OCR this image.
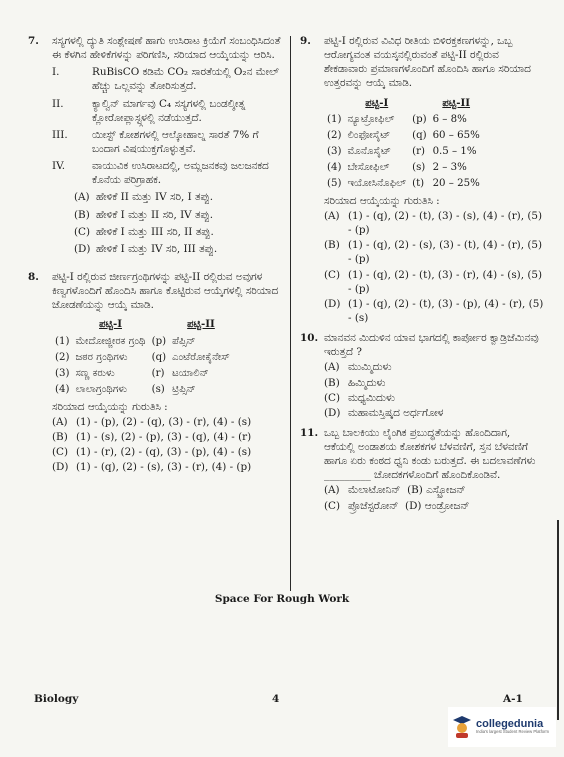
7. ಸಸ್ಯಗಳಲ್ಲಿ ದ್ಯುತಿ ಸಂಶ್ಲೇಷಣೆ ಹಾಗು ಉಸಿರಾಟ ಕ್ರಿಯೆಗೆ ಸಂಬಂಧಿಸಿದಂತೆ ಈ ಕೆಳಗಿನ ಹೇಳಿಕೆಗಳನ್ನು ಪರಿಗಣಿಸಿ, ಸರಿಯಾದ ಆಯ್ಕೆಯನ್ನು ಆರಿಸಿ.

I.	RuBisCO ಕಡಿಮೆ CO₂ ಸಾರತೆಯಲ್ಲಿ O₂ನ ಮೇಲ್ ಹೆಚ್ಚು ಒಲ್ಲವನ್ನು ತೋರಿಸುತ್ತದೆ.
II.	ಕ್ಯಾಲ್ವಿನ್ ಮಾರ್ಗವು C₄ ಸಸ್ಯಗಳಲ್ಲಿ ಬಂಡಲ್ಶೀತ್ನ ಕ್ಲೋರೋಪ್ಲಾಸ್ಟ್ಗಳಲ್ಲಿ ನಡೆಯುತ್ತದೆ.
III. ಯೀಸ್ಟ್ ಕೋಶಗಳಲ್ಲಿ ಆಲ್ಕೋಹಾಲ್ನ ಸಾರತೆ 7% ಗೆ ಬಂದಾಗ ವಿಷಯುಕ್ತಗೊಳ್ಳುತ್ತವೆ.
IV.	ವಾಯುವಿಕ ಉಸಿರಾಟದಲ್ಲಿ, ಅಮ್ಲಜನಕವು ಜಲಜನಕದ ಕೊನೆಯ ಪರಿಗ್ರಾಹಕ.
(A) ಹೇಳಿಕೆ II ಮತ್ತು IV ಸರಿ, I ತಪ್ಪು.
(B) ಹೇಳಿಕೆ I ಮತ್ತು II ಸರಿ, IV ತಪ್ಪು.
(C) ಹೇಳಿಕೆ I ಮತ್ತು III ಸರಿ, II ತಪ್ಪು.
(D) ಹೇಳಿಕೆ I ಮತ್ತು IV ಸರಿ, III ತಪ್ಪು.
8. ಪಟ್ಟಿ-I ರಲ್ಲಿರುವ ಜೀರ್ಣಗ್ರಂಥಿಗಳನ್ನು ಪಟ್ಟಿ-II ರಲ್ಲಿರುವ ಅವುಗಳ ಕಿಣ್ವಗಳೊಂದಿಗೆ ಹೊಂದಿಸಿ ಹಾಗೂ ಕೊಟ್ಟಿರುವ ಆಯ್ಕೆಗಳಲ್ಲಿ ಸರಿಯಾದ ಜೋಡಣೆಯನ್ನು ಆಯ್ಕೆ ಮಾಡಿ.

	ಪಟ್ಟಿ-I		ಪಟ್ಟಿ-II
(1)	ಮೇದೋಜ್ಜೀರಕ ಗ್ರಂಥಿ	(p)	ಪೆಪ್ಸಿನ್
(2)	ಜಠರ ಗ್ರಂಥಿಗಳು	(q)	ಎಂಟೆರೋಕೈನೇಸ್
(3)	ಸಣ್ಣ ಕರುಳು	(r)	ಟಯಾಲಿನ್
(4)	ಲಾಲಾಗ್ರಂಥಿಗಳು	(s)	ಟ್ರಿಪ್ಸಿನ್

ಸರಿಯಾದ ಆಯ್ಕೆಯನ್ನು ಗುರುತಿಸಿ :

(A) (1) - (p), (2) - (q), (3) - (r), (4) - (s)
(B) (1) - (s), (2) - (p), (3) - (q), (4) - (r)
(C) (1) - (r), (2) - (q), (3) - (p), (4) - (s)
(D) (1) - (q), (2) - (s), (3) - (r), (4) - (p)
9. ಪಟ್ಟಿ-I ರಲ್ಲಿರುವ ವಿವಿಧ ರೀತಿಯ ಬಿಳಿರಕ್ತಕಣಗಳನ್ನು, ಒಬ್ಬ ಆರೋಗ್ಯವಂತ ವಯಸ್ಕನಲ್ಲಿರುವಂತೆ ಪಟ್ಟಿ-II ರಲ್ಲಿರುವ ಶೇಕಡಾವಾರು ಪ್ರಮಾಣಗಳೊಂದಿಗೆ ಹೊಂದಿಸಿ ಹಾಗೂ ಸರಿಯಾದ ಉತ್ತರವನ್ನು ಆಯ್ಕೆ ಮಾಡಿ.

	ಪಟ್ಟಿ-I		ಪಟ್ಟಿ-II
(1)	ನ್ಯೂಟ್ರೋಫಿಲ್	(p)	6 – 8%
(2)	ಲಿಂಫೋಸೈಟ್	(q)	60 – 65%
(3)	ಮೊನೊಸೈಟ್	(r)	0.5 – 1%
(4)	ಬೇಸೋಫಿಲ್	(s)	2 – 3%
(5)	ಇಯೋಸಿನೊಫಿಲ್	(t)	20 – 25%

ಸರಿಯಾದ ಆಯ್ಕೆಯನ್ನು ಗುರುತಿಸಿ :

(A) (1) - (q), (2) - (t), (3) - (s), (4) - (r), (5) - (p)
(B) (1) - (q), (2) - (s), (3) - (t), (4) - (r), (5) - (p)
(C) (1) - (q), (2) - (t), (3) - (r), (4) - (s), (5) - (p)
(D) (1) - (q), (2) - (t), (3) - (p), (4) - (r), (5) - (s)
10. ಮಾನವನ ಮಿದುಳಿನ ಯಾವ ಭಾಗದಲ್ಲಿ ಕಾರ್ಪೋರ ಕ್ವಾಡ್ರಿಜೆಮಿನವು ಇರುತ್ತದೆ ?

(A) ಮುಮ್ಮಿದುಳು
(B) ಹಿಮ್ಮಿದುಳು
(C) ಮಧ್ಯಮಿದುಳು
(D) ಮಹಾಮಸ್ತಿಷ್ಕದ ಅರ್ಧಗೋಳ
11. ಒಬ್ಬ ಬಾಲಕಿಯು ಲೈಂಗಿಕ ಪ್ರಬುದ್ಧತೆಯನ್ನು ಹೊಂದಿದಾಗ, ಆಕೆಯಲ್ಲಿ ಅಂಡಾಶಯ ಕೋಶಕಗಳ ಬೆಳವಣಿಗೆ, ಸ್ತನ ಬೆಳವಣಿಗೆ ಹಾಗೂ ಏರು ಕಂಠದ ಧ್ವನಿ ಕಂಡು ಬರುತ್ತದೆ. ಈ ಬದಲಾವಣೆಗಳು _________ ಚೋದಕಗಳೊಂದಿಗೆ ಹೊಂದಿಕೊಂಡಿವೆ.

(A) ಮೆಲಾಟೋನಿನ್ (B) ಎಸ್ಟ್ರೋಜನ್
(C) ಪ್ರೊಜೆಸ್ಟರೋನ್ (D) ಆಂಡ್ರೋಜನ್
Space For Rough Work
Biology	4	A-1
collegedunia
India's largest Student Review Platform
